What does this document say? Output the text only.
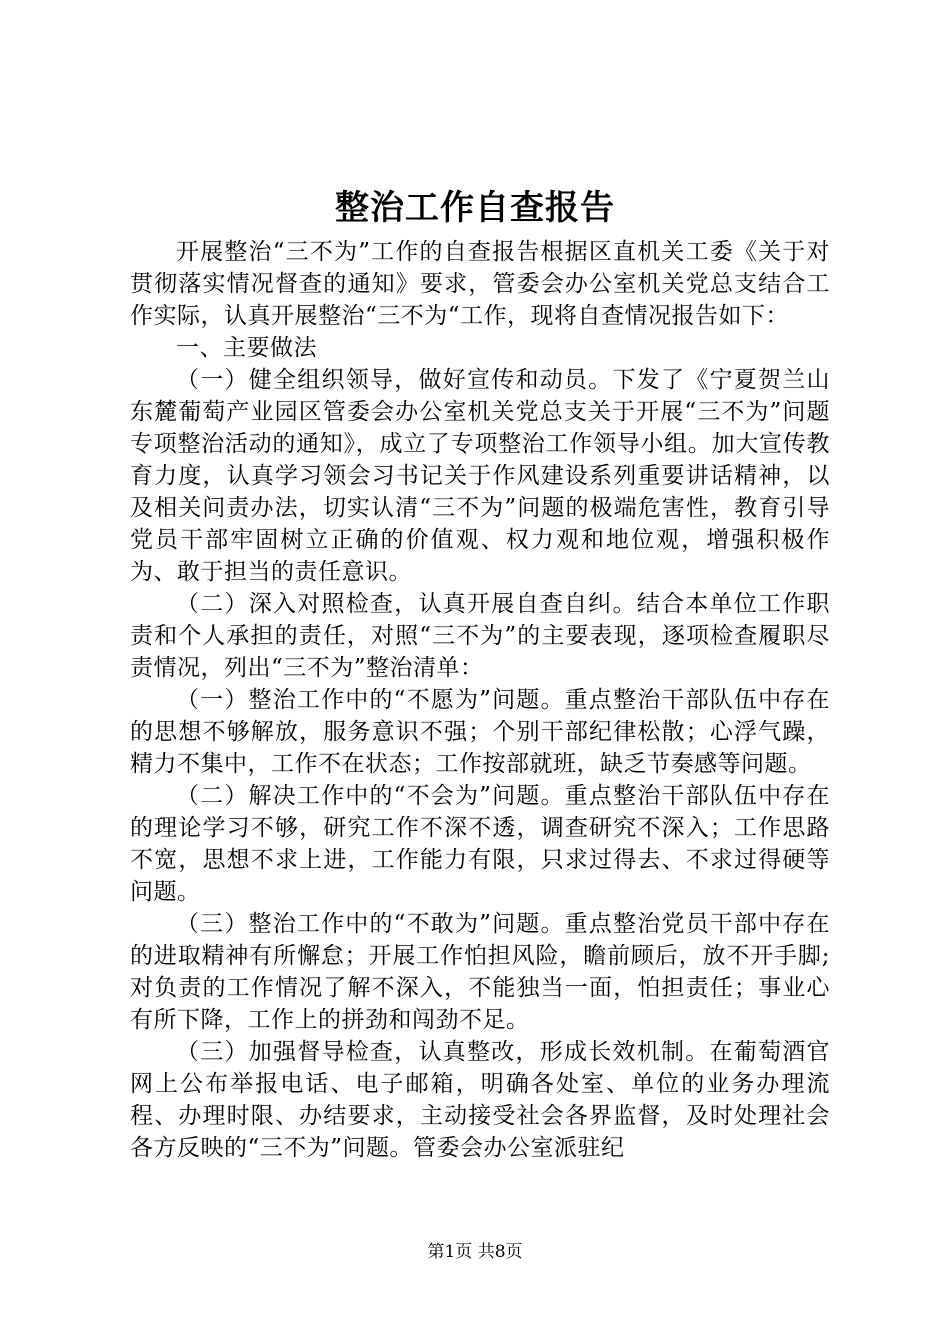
整治工作自查报告

开展整治“三不为”工作的自查报告根据区直机关工委《关于对贯彻落实情况督查的通知》要求，管委会办公室机关党总支结合工作实际，认真开展整治“三不为“工作，现将自查情况报告如下：

一、主要做法

（一）健全组织领导，做好宣传和动员。下发了《宁夏贺兰山东麓葡萄产业园区管委会办公室机关党总支关于开展“三不为”问题专项整治活动的通知》，成立了专项整治工作领导小组。加大宣传教育力度，认真学习领会习书记关于作风建设系列重要讲话精神，以及相关问责办法，切实认清“三不为”问题的极端危害性，教育引导党员干部牢固树立正确的价值观、权力观和地位观，增强积极作为、敢于担当的责任意识。

（二）深入对照检查，认真开展自查自纠。结合本单位工作职责和个人承担的责任，对照“三不为”的主要表现，逐项检查履职尽责情况，列出“三不为”整治清单：

（一）整治工作中的“不愿为”问题。重点整治干部队伍中存在的思想不够解放，服务意识不强；个别干部纪律松散；心浮气躁，精力不集中，工作不在状态；工作按部就班，缺乏节奏感等问题。

（二）解决工作中的“不会为”问题。重点整治干部队伍中存在的理论学习不够，研究工作不深不透，调查研究不深入；工作思路不宽，思想不求上进，工作能力有限，只求过得去、不求过得硬等问题。

（三）整治工作中的“不敢为”问题。重点整治党员干部中存在的进取精神有所懈怠；开展工作怕担风险，瞻前顾后，放不开手脚;对负责的工作情况了解不深入，不能独当一面，怕担责任；事业心有所下降，工作上的拼劲和闯劲不足。

（三）加强督导检查，认真整改，形成长效机制。在葡萄酒官网上公布举报电话、电子邮箱，明确各处室、单位的业务办理流程、办理时限、办结要求，主动接受社会各界监督，及时处理社会各方反映的“三不为”问题。管委会办公室派驻纪

第1页 共8页
